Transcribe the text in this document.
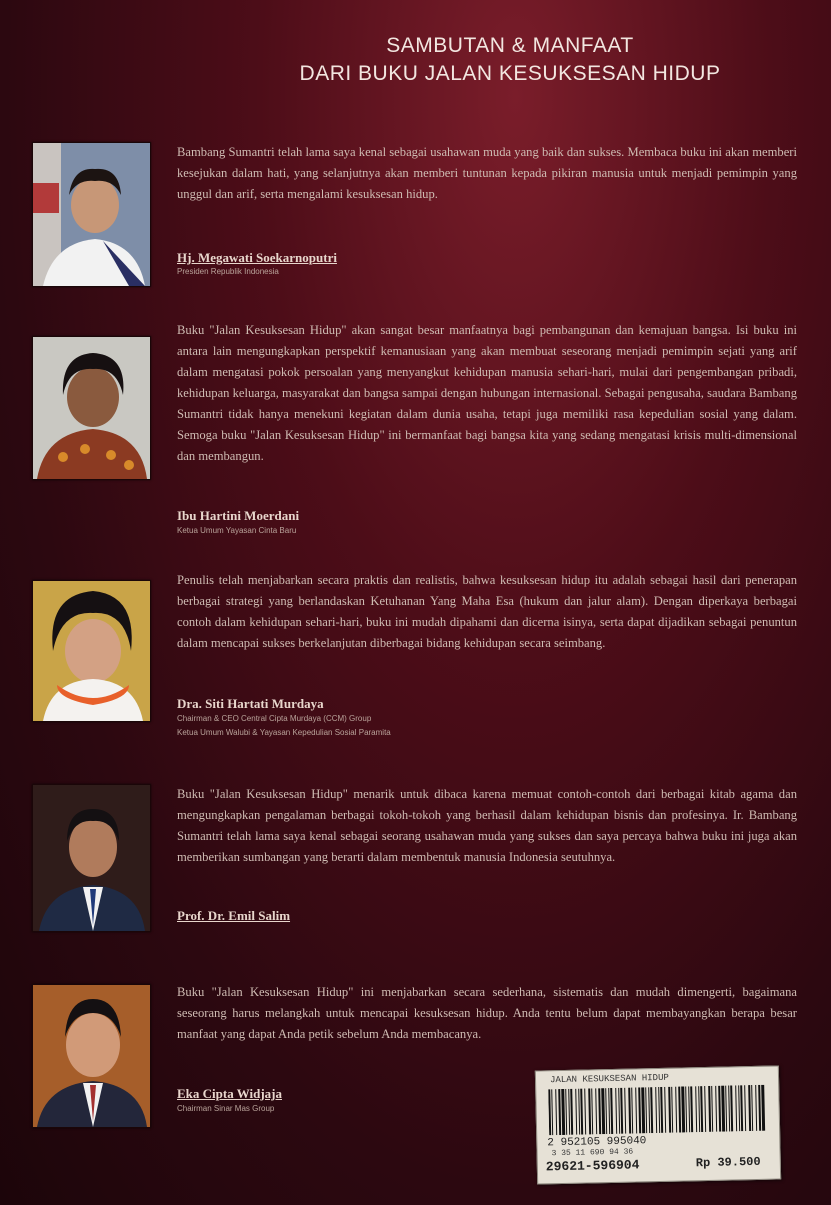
SAMBUTAN & MANFAAT
DARI BUKU JALAN KESUKSESAN HIDUP

Bambang Sumantri telah lama saya kenal sebagai usahawan muda yang baik dan sukses. Membaca buku ini akan memberi kesejukan dalam hati, yang selanjutnya akan memberi tuntunan kepada pikiran manusia untuk menjadi pemimpin yang unggul dan arif, serta mengalami kesuksesan hidup.

Hj. Megawati Soekarnoputri
Presiden Republik Indonesia

Buku "Jalan Kesuksesan Hidup" akan sangat besar manfaatnya bagi pembangunan dan kemajuan bangsa. Isi buku ini antara lain mengungkapkan perspektif kemanusiaan yang akan membuat seseorang menjadi pemimpin sejati yang arif dalam mengatasi pokok persoalan yang menyangkut kehidupan manusia sehari-hari, mulai dari pengembangan pribadi, kehidupan keluarga, masyarakat dan bangsa sampai dengan hubungan internasional. Sebagai pengusaha, saudara Bambang Sumantri tidak hanya menekuni kegiatan dalam dunia usaha, tetapi juga memiliki rasa kepedulian sosial yang dalam. Semoga buku "Jalan Kesuksesan Hidup" ini bermanfaat bagi bangsa kita yang sedang mengatasi krisis multi-dimensional dan membangun.

Ibu Hartini Moerdani
Ketua Umum Yayasan Cinta Baru

Penulis telah menjabarkan secara praktis dan realistis, bahwa kesuksesan hidup itu adalah sebagai hasil dari penerapan berbagai strategi yang berlandaskan Ketuhanan Yang Maha Esa (hukum dan jalur alam). Dengan diperkaya berbagai contoh dalam kehidupan sehari-hari, buku ini mudah dipahami dan dicerna isinya, serta dapat dijadikan sebagai penuntun dalam mencapai sukses berkelanjutan diberbagai bidang kehidupan secara seimbang.

Dra. Siti Hartati Murdaya
Chairman & CEO Central Cipta Murdaya (CCM) Group
Ketua Umum Walubi & Yayasan Kepedulian Sosial Paramita

Buku "Jalan Kesuksesan Hidup" menarik untuk dibaca karena memuat contoh-contoh dari berbagai kitab agama dan mengungkapkan pengalaman berbagai tokoh-tokoh yang berhasil dalam kehidupan bisnis dan profesinya. Ir. Bambang Sumantri telah lama saya kenal sebagai seorang usahawan muda yang sukses dan saya percaya bahwa buku ini juga akan memberikan sumbangan yang berarti dalam membentuk manusia Indonesia seutuhnya.

Prof. Dr. Emil Salim

Buku "Jalan Kesuksesan Hidup" ini menjabarkan secara sederhana, sistematis dan mudah dimengerti, bagaimana seseorang harus melangkah untuk mencapai kesuksesan hidup. Anda tentu belum dapat membayangkan berapa besar manfaat yang dapat Anda petik sebelum Anda membacanya.

Eka Cipta Widjaja
Chairman Sinar Mas Group
JALAN KESUKSESAN HIDUP
2 952105 995040
3 35 11 690 94 36
29621-596904	Rp 39.500
